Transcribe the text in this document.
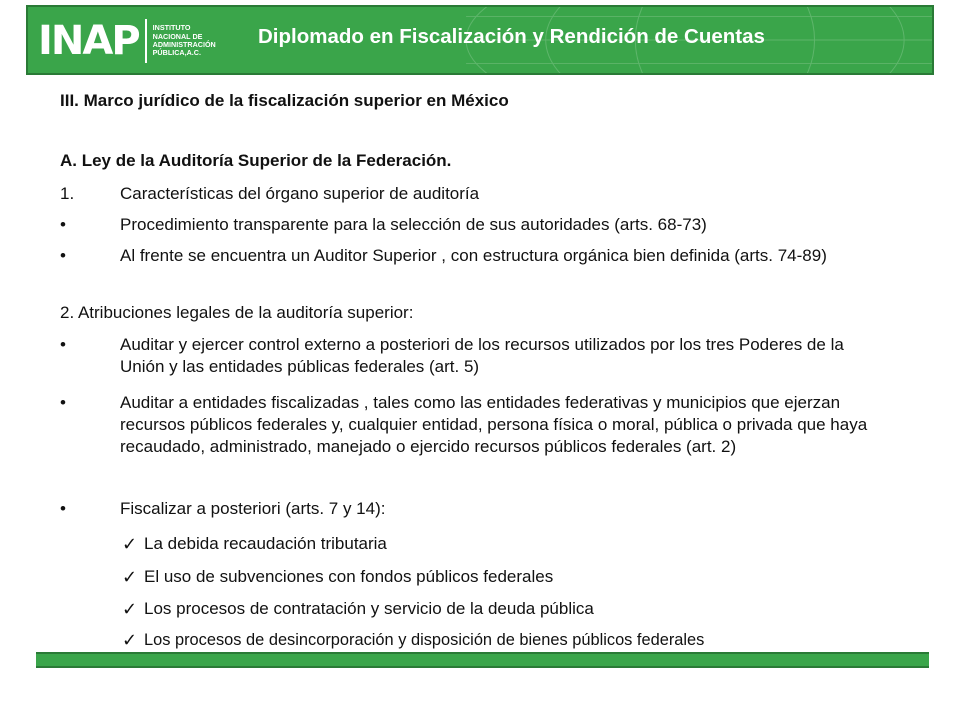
INAP INSTITUTO
NACIONAL DE
ADMINISTRACIÓN
PÚBLICA,A.C.
Diplomado en Fiscalización y Rendición de Cuentas
III. Marco jurídico de la fiscalización superior en México
A. Ley de la Auditoría Superior de la Federación.
1.	Características del órgano superior de auditoría
•	Procedimiento transparente para la selección de sus autoridades (arts. 68-73)
•	Al frente se encuentra un Auditor Superior , con estructura orgánica bien definida (arts. 74-89)
2. Atribuciones legales de la auditoría superior:
•	Auditar y ejercer control externo a posteriori de los recursos utilizados por los tres Poderes de la Unión y las entidades públicas federales (art. 5)
•	Auditar a entidades fiscalizadas , tales como las entidades federativas y municipios que ejerzan recursos públicos federales y, cualquier entidad, persona física o moral, pública o privada que haya recaudado, administrado, manejado o ejercido recursos públicos federales (art. 2)
•	Fiscalizar a posteriori (arts. 7 y 14):
✓ La debida recaudación tributaria
✓ El uso de subvenciones con fondos públicos federales
✓ Los procesos de contratación y servicio de la deuda pública
✓ Los procesos de desincorporación y disposición de bienes públicos federales
